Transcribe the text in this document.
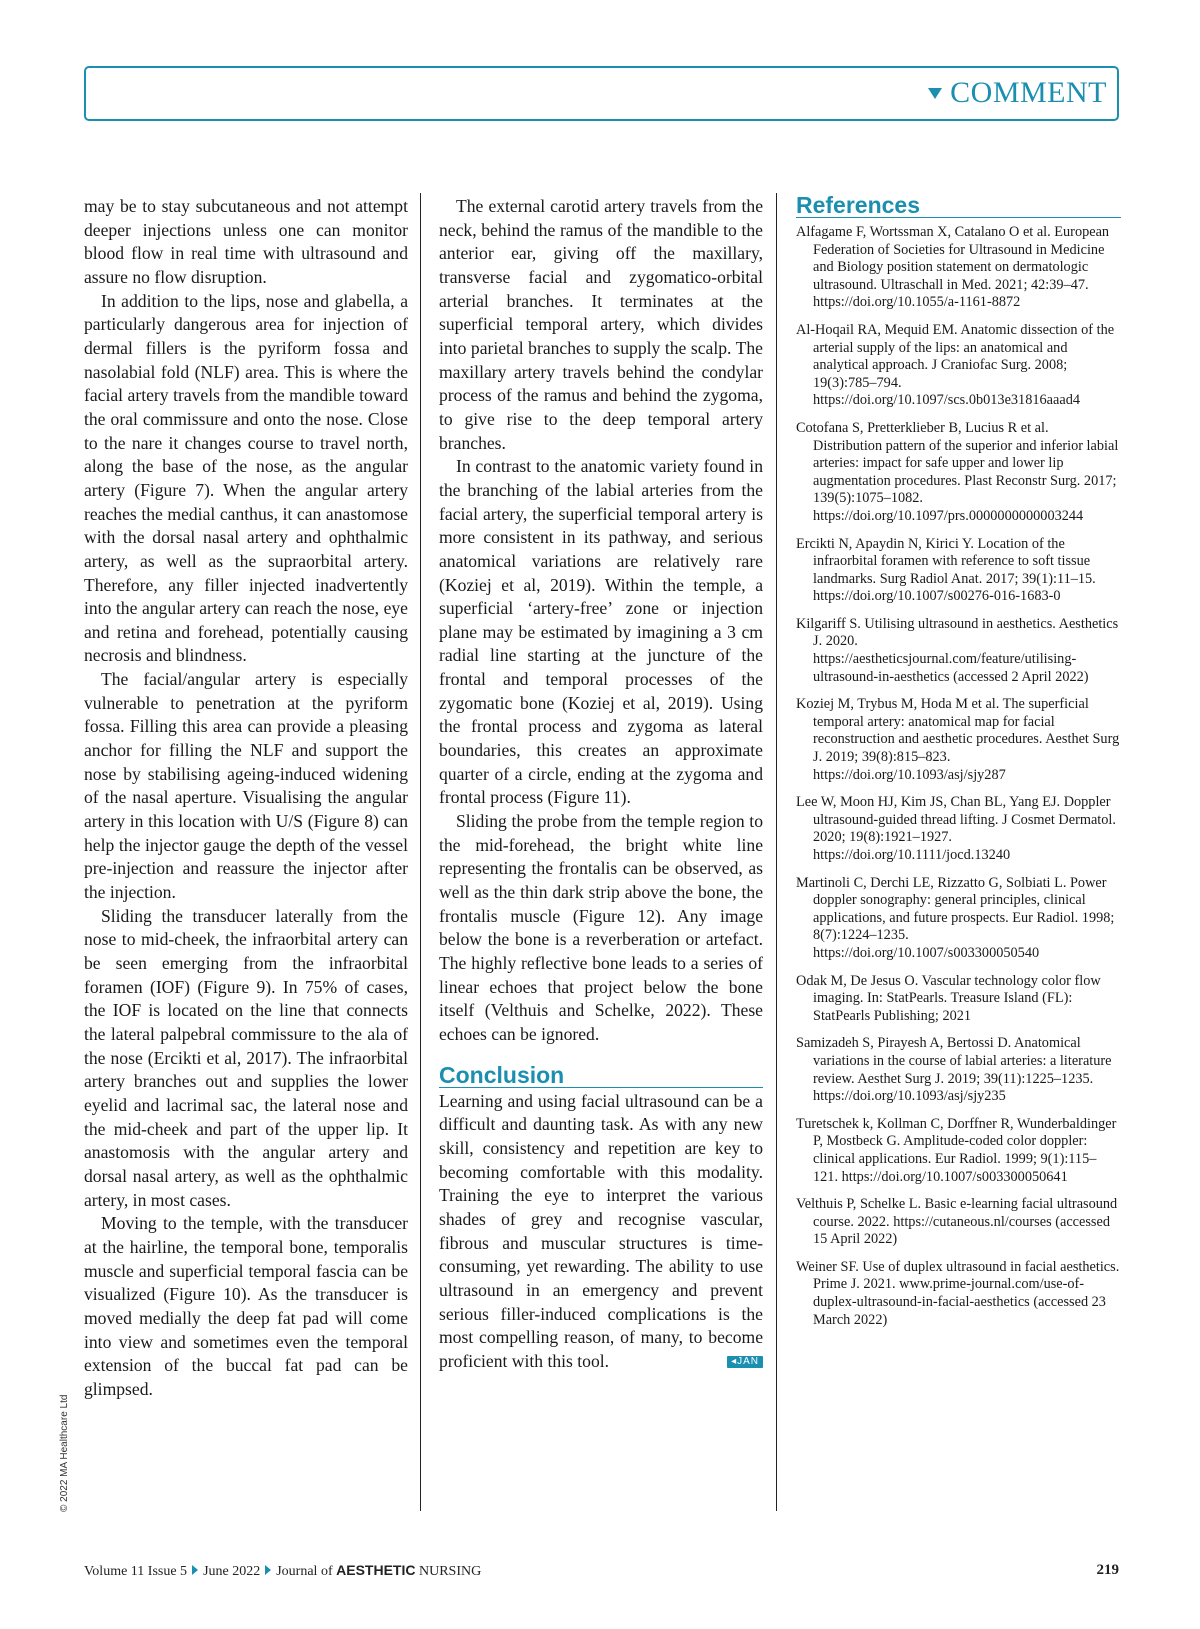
COMMENT

may be to stay subcutaneous and not attempt deeper injections unless one can monitor blood flow in real time with ultrasound and assure no flow disruption.

In addition to the lips, nose and glabella, a particularly dangerous area for injection of dermal fillers is the pyriform fossa and nasolabial fold (NLF) area. This is where the facial artery travels from the mandible toward the oral commissure and onto the nose. Close to the nare it changes course to travel north, along the base of the nose, as the angular artery (Figure 7). When the angular artery reaches the medial canthus, it can anastomose with the dorsal nasal artery and ophthalmic artery, as well as the supraorbital artery. Therefore, any filler injected inadvertently into the angular artery can reach the nose, eye and retina and forehead, potentially causing necrosis and blindness.

The facial/angular artery is especially vulnerable to penetration at the pyriform fossa. Filling this area can provide a pleasing anchor for filling the NLF and support the nose by stabilising ageing-induced widening of the nasal aperture. Visualising the angular artery in this location with U/S (Figure 8) can help the injector gauge the depth of the vessel pre-injection and reassure the injector after the injection.

Sliding the transducer laterally from the nose to mid-cheek, the infraorbital artery can be seen emerging from the infraorbital foramen (IOF) (Figure 9). In 75% of cases, the IOF is located on the line that connects the lateral palpebral commissure to the ala of the nose (Ercikti et al, 2017). The infraorbital artery branches out and supplies the lower eyelid and lacrimal sac, the lateral nose and the mid-cheek and part of the upper lip. It anastomosis with the angular artery and dorsal nasal artery, as well as the ophthalmic artery, in most cases.

Moving to the temple, with the transducer at the hairline, the temporal bone, temporalis muscle and superficial temporal fascia can be visualized (Figure 10). As the transducer is moved medially the deep fat pad will come into view and sometimes even the temporal extension of the buccal fat pad can be glimpsed.

The external carotid artery travels from the neck, behind the ramus of the mandible to the anterior ear, giving off the maxillary, transverse facial and zygomatico-orbital arterial branches. It terminates at the superficial temporal artery, which divides into parietal branches to supply the scalp. The maxillary artery travels behind the condylar process of the ramus and behind the zygoma, to give rise to the deep temporal artery branches.

In contrast to the anatomic variety found in the branching of the labial arteries from the facial artery, the superficial temporal artery is more consistent in its pathway, and serious anatomical variations are relatively rare (Koziej et al, 2019). Within the temple, a superficial ‘artery-free’ zone or injection plane may be estimated by imagining a 3 cm radial line starting at the juncture of the frontal and temporal processes of the zygomatic bone (Koziej et al, 2019). Using the frontal process and zygoma as lateral boundaries, this creates an approximate quarter of a circle, ending at the zygoma and frontal process (Figure 11).

Sliding the probe from the temple region to the mid-forehead, the bright white line representing the frontalis can be observed, as well as the thin dark strip above the bone, the frontalis muscle (Figure 12). Any image below the bone is a reverberation or artefact. The highly reflective bone leads to a series of linear echoes that project below the bone itself (Velthuis and Schelke, 2022). These echoes can be ignored.

Conclusion

Learning and using facial ultrasound can be a difficult and daunting task. As with any new skill, consistency and repetition are key to becoming comfortable with this modality. Training the eye to interpret the various shades of grey and recognise vascular, fibrous and muscular structures is time-consuming, yet rewarding. The ability to use ultrasound in an emergency and prevent serious filler-induced complications is the most compelling reason, of many, to become proficient with this tool.	◂JAN

References
Alfagame F, Wortssman X, Catalano O et al. European Federation of Societies for Ultrasound in Medicine and Biology position statement on dermatologic ultrasound. Ultraschall in Med. 2021; 42:39–47. https://doi.org/10.1055/a-1161-8872
Al-Hoqail RA, Mequid EM. Anatomic dissection of the arterial supply of the lips: an anatomical and analytical approach. J Craniofac Surg. 2008; 19(3):785–794. https://doi.org/10.1097/scs.0b013e31816aaad4
Cotofana S, Pretterklieber B, Lucius R et al. Distribution pattern of the superior and inferior labial arteries: impact for safe upper and lower lip augmentation procedures. Plast Reconstr Surg. 2017; 139(5):1075–1082. https://doi.org/10.1097/prs.0000000000003244
Ercikti N, Apaydin N, Kirici Y. Location of the infraorbital foramen with reference to soft tissue landmarks. Surg Radiol Anat. 2017; 39(1):11–15. https://doi.org/10.1007/s00276-016-1683-0
Kilgariff S. Utilising ultrasound in aesthetics. Aesthetics J. 2020. https://aestheticsjournal.com/feature/utilising-ultrasound-in-aesthetics (accessed 2 April 2022)
Koziej M, Trybus M, Hoda M et al. The superficial temporal artery: anatomical map for facial reconstruction and aesthetic procedures. Aesthet Surg J. 2019; 39(8):815–823. https://doi.org/10.1093/asj/sjy287
Lee W, Moon HJ, Kim JS, Chan BL, Yang EJ. Doppler ultrasound-guided thread lifting. J Cosmet Dermatol. 2020; 19(8):1921–1927. https://doi.org/10.1111/jocd.13240
Martinoli C, Derchi LE, Rizzatto G, Solbiati L. Power doppler sonography: general principles, clinical applications, and future prospects. Eur Radiol. 1998; 8(7):1224–1235. https://doi.org/10.1007/s003300050540
Odak M, De Jesus O. Vascular technology color flow imaging. In: StatPearls. Treasure Island (FL): StatPearls Publishing; 2021
Samizadeh S, Pirayesh A, Bertossi D. Anatomical variations in the course of labial arteries: a literature review. Aesthet Surg J. 2019; 39(11):1225–1235. https://doi.org/10.1093/asj/sjy235
Turetschek k, Kollman C, Dorffner R, Wunderbaldinger P, Mostbeck G. Amplitude-coded color doppler: clinical applications. Eur Radiol. 1999; 9(1):115–121. https://doi.org/10.1007/s003300050641
Velthuis P, Schelke L. Basic e-learning facial ultrasound course. 2022. https://cutaneous.nl/courses (accessed 15 April 2022)
Weiner SF. Use of duplex ultrasound in facial aesthetics. Prime J. 2021. www.prime-journal.com/use-of-duplex-ultrasound-in-facial-aesthetics (accessed 23 March 2022)
© 2022 MA Healthcare Ltd
Volume 11 Issue 5 June 2022 Journal of AESTHETIC NURSING	219
